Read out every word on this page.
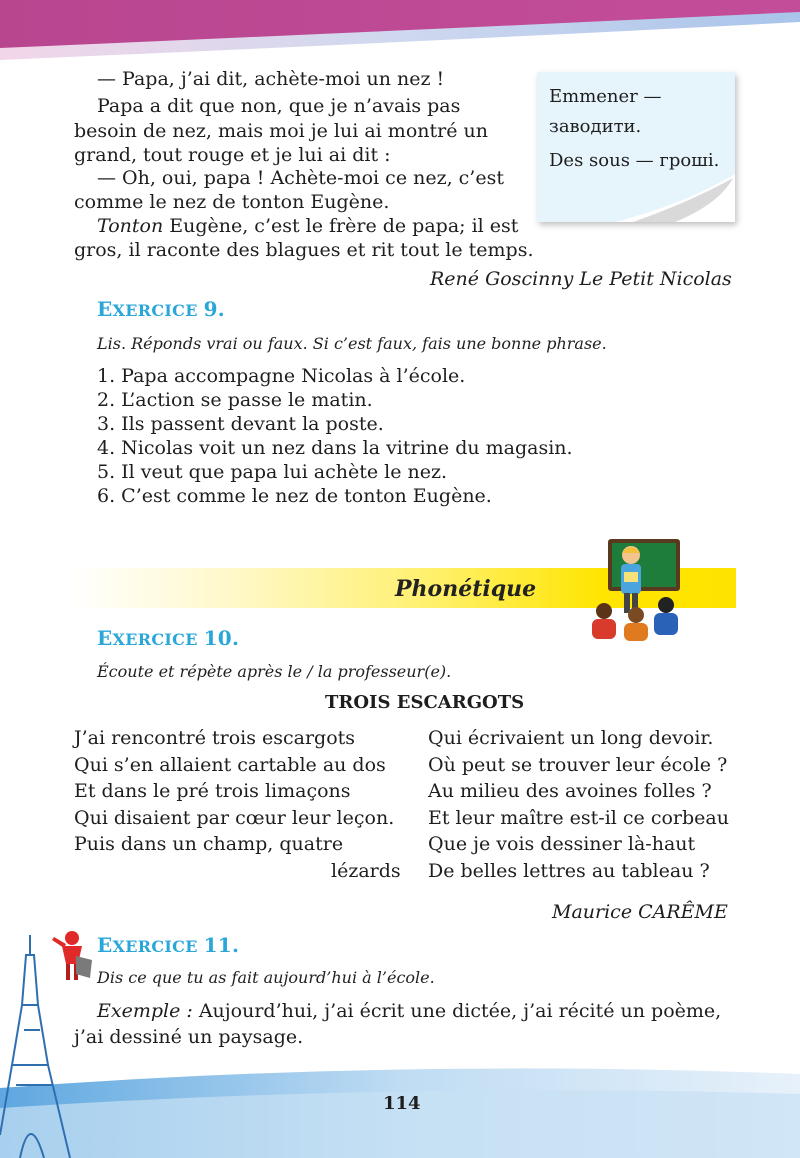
— Papa, j’ai dit, achète-moi un nez !
Papa a dit que non, que je n’avais pas
besoin de nez, mais moi je lui ai montré un
grand, tout rouge et je lui ai dit :
— Oh, oui, papa ! Achète-moi ce nez, c’est
comme le nez de tonton Eugène.
Tonton Eugène, c’est le frère de papa; il est
gros, il raconte des blagues et rit tout le temps.
René Goscinny Le Petit Nicolas
Emmener —
заводити.
Des sous — гроші.
EXERCICE 9.
Lis. Réponds vrai ou faux. Si c’est faux, fais une bonne phrase.
1. Papa accompagne Nicolas à l’école.
2. L’action se passe le matin.
3. Ils passent devant la poste.
4. Nicolas voit un nez dans la vitrine du magasin.
5. Il veut que papa lui achète le nez.
6. C’est comme le nez de tonton Eugène.
Phonétique
EXERCICE 10.
Écoute et répète après le / la professeur(e).
TROIS ESCARGOTS
J’ai rencontré trois escargots
Qui s’en allaient cartable au dos
Et dans le pré trois limaçons
Qui disaient par cœur leur leçon.
Puis dans un champ, quatre
lézards
Qui écrivaient un long devoir.
Où peut se trouver leur école ?
Au milieu des avoines folles ?
Et leur maître est-il ce corbeau
Que je vois dessiner là-haut
De belles lettres au tableau ?
Maurice CARÊME
EXERCICE 11.
Dis ce que tu as fait aujourd’hui à l’école.
Exemple : Aujourd’hui, j’ai écrit une dictée, j’ai récité un poème,
j’ai dessiné un paysage.
114
